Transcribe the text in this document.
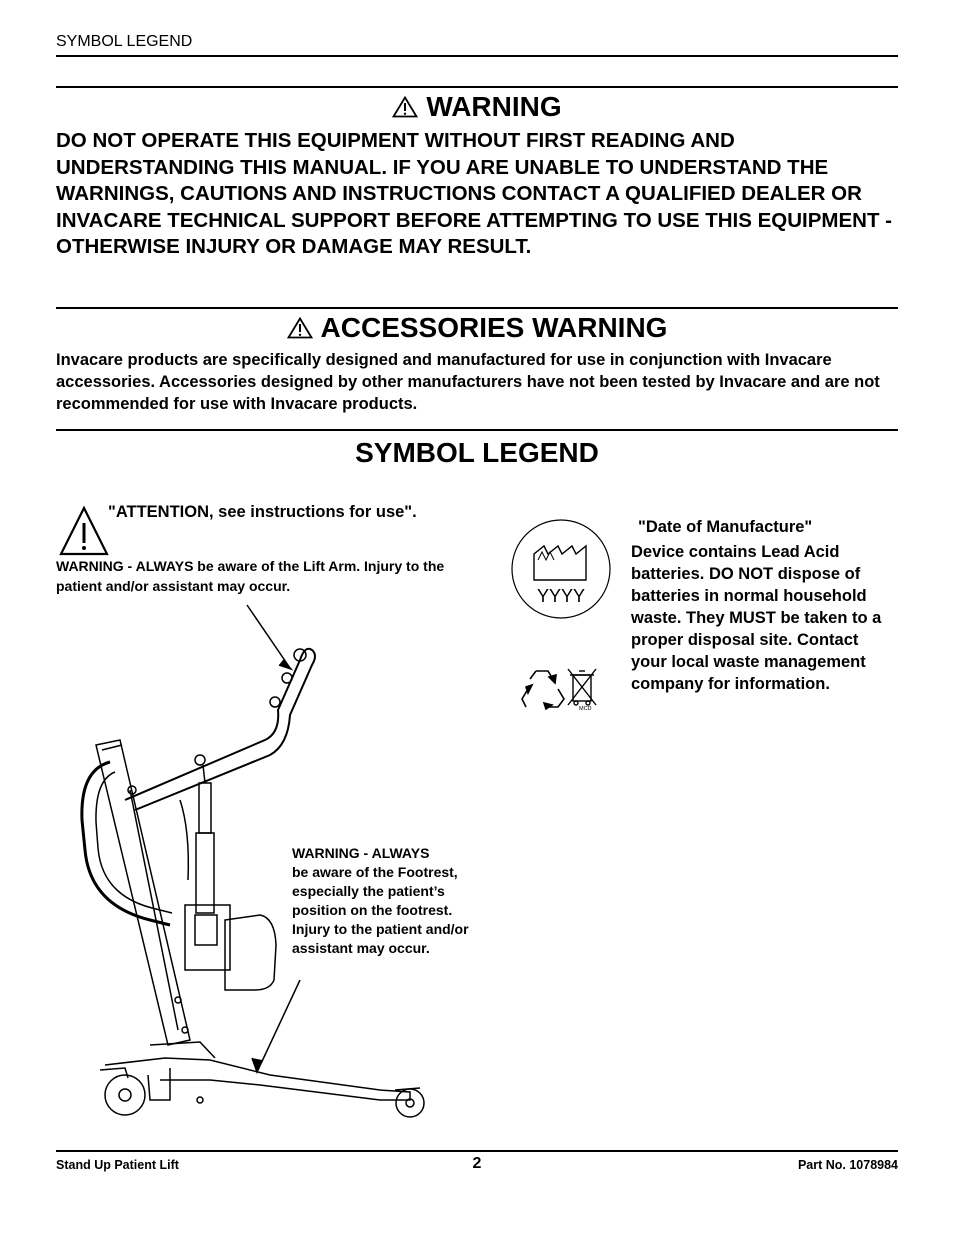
SYMBOL LEGEND
WARNING
DO NOT OPERATE THIS EQUIPMENT WITHOUT FIRST READING AND UNDERSTANDING THIS MANUAL. IF YOU ARE UNABLE TO UNDERSTAND THE WARNINGS, CAUTIONS AND INSTRUCTIONS CONTACT A QUALIFIED DEALER OR INVACARE TECHNICAL SUPPORT BEFORE ATTEMPTING TO USE THIS EQUIPMENT - OTHERWISE INJURY OR DAMAGE MAY RESULT.
ACCESSORIES WARNING
Invacare products are specifically designed and manufactured for use in conjunction with Invacare accessories. Accessories designed by other manufacturers have not been tested by Invacare and are not recommended for use with Invacare products.
SYMBOL LEGEND
"ATTENTION, see instructions for use".
WARNING - ALWAYS be aware of the Lift Arm. Injury to the patient and/or assistant may occur.
WARNING - ALWAYS
be aware of the Footrest, especially the patient’s position on the footrest. Injury to the patient and/or assistant may occur.
YYYY
"Date of Manufacture"
MCD
Device contains Lead Acid batteries. DO NOT dispose of batteries in normal household waste. They MUST be taken to a proper disposal site. Contact your local waste management company for information.
Stand Up Patient Lift	2	Part No. 1078984
